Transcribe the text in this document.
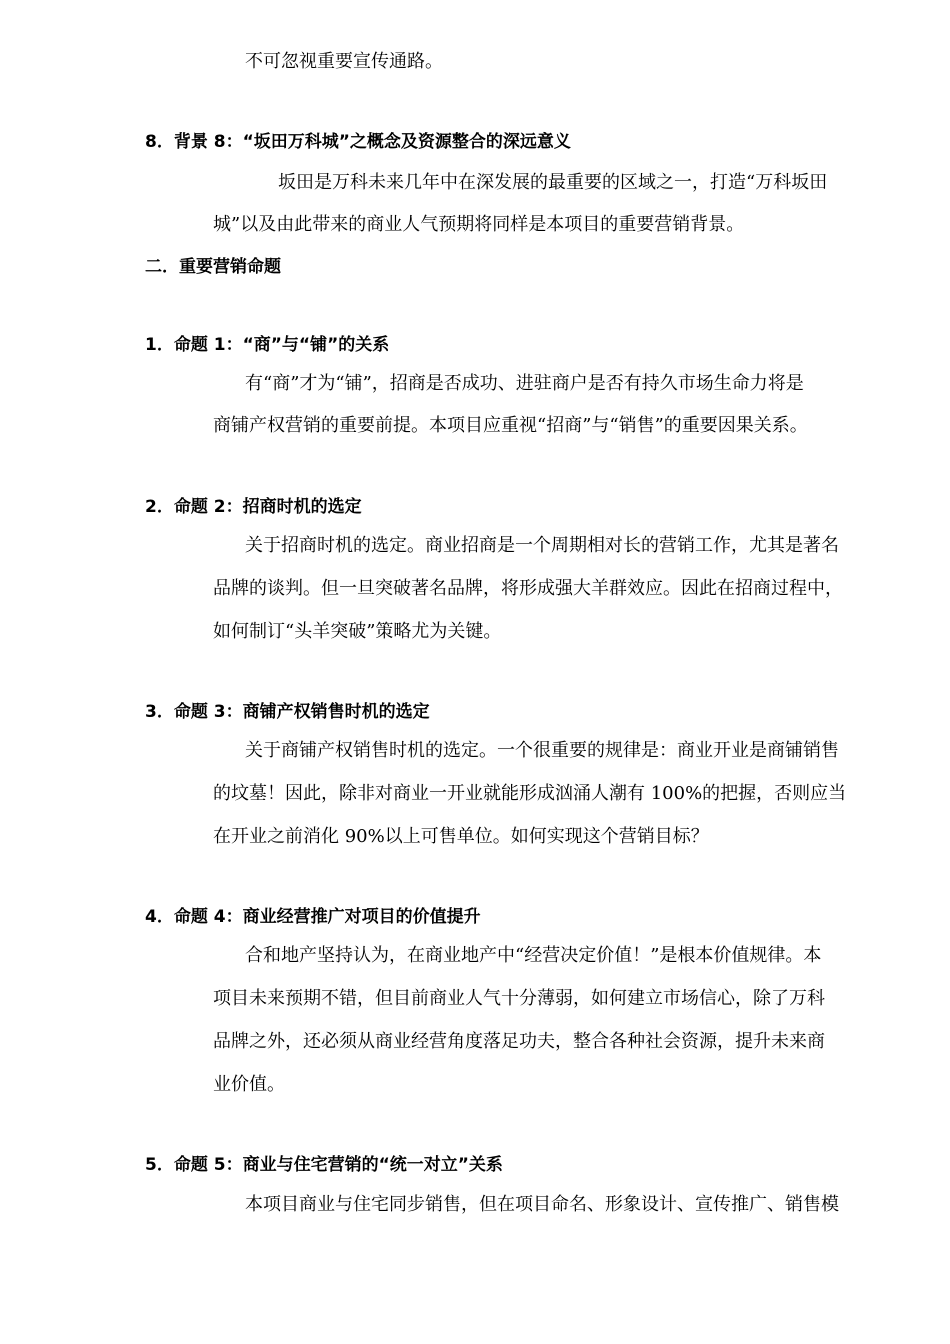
不可忽视重要宣传通路。
8．背景 8：“坂田万科城”之概念及资源整合的深远意义
坂田是万科未来几年中在深发展的最重要的区域之一，打造“万科坂田
城”以及由此带来的商业人气预期将同样是本项目的重要营销背景。
二．重要营销命题
1．命题 1：“商”与“铺”的关系
有“商”才为“铺”，招商是否成功、进驻商户是否有持久市场生命力将是
商铺产权营销的重要前提。本项目应重视“招商”与“销售”的重要因果关系。
2．命题 2：招商时机的选定
关于招商时机的选定。商业招商是一个周期相对长的营销工作，尤其是著名
品牌的谈判。但一旦突破著名品牌，将形成强大羊群效应。因此在招商过程中，
如何制订“头羊突破”策略尤为关键。
3．命题 3：商铺产权销售时机的选定
关于商铺产权销售时机的选定。一个很重要的规律是：商业开业是商铺销售
的坟墓！因此，除非对商业一开业就能形成汹涌人潮有 100%的把握，否则应当
在开业之前消化 90%以上可售单位。如何实现这个营销目标？
4．命题 4：商业经营推广对项目的价值提升
合和地产坚持认为，在商业地产中“经营决定价值！”是根本价值规律。本
项目未来预期不错，但目前商业人气十分薄弱，如何建立市场信心，除了万科
品牌之外，还必须从商业经营角度落足功夫，整合各种社会资源，提升未来商
业价值。
5．命题 5：商业与住宅营销的“统一对立”关系
本项目商业与住宅同步销售，但在项目命名、形象设计、宣传推广、销售模
